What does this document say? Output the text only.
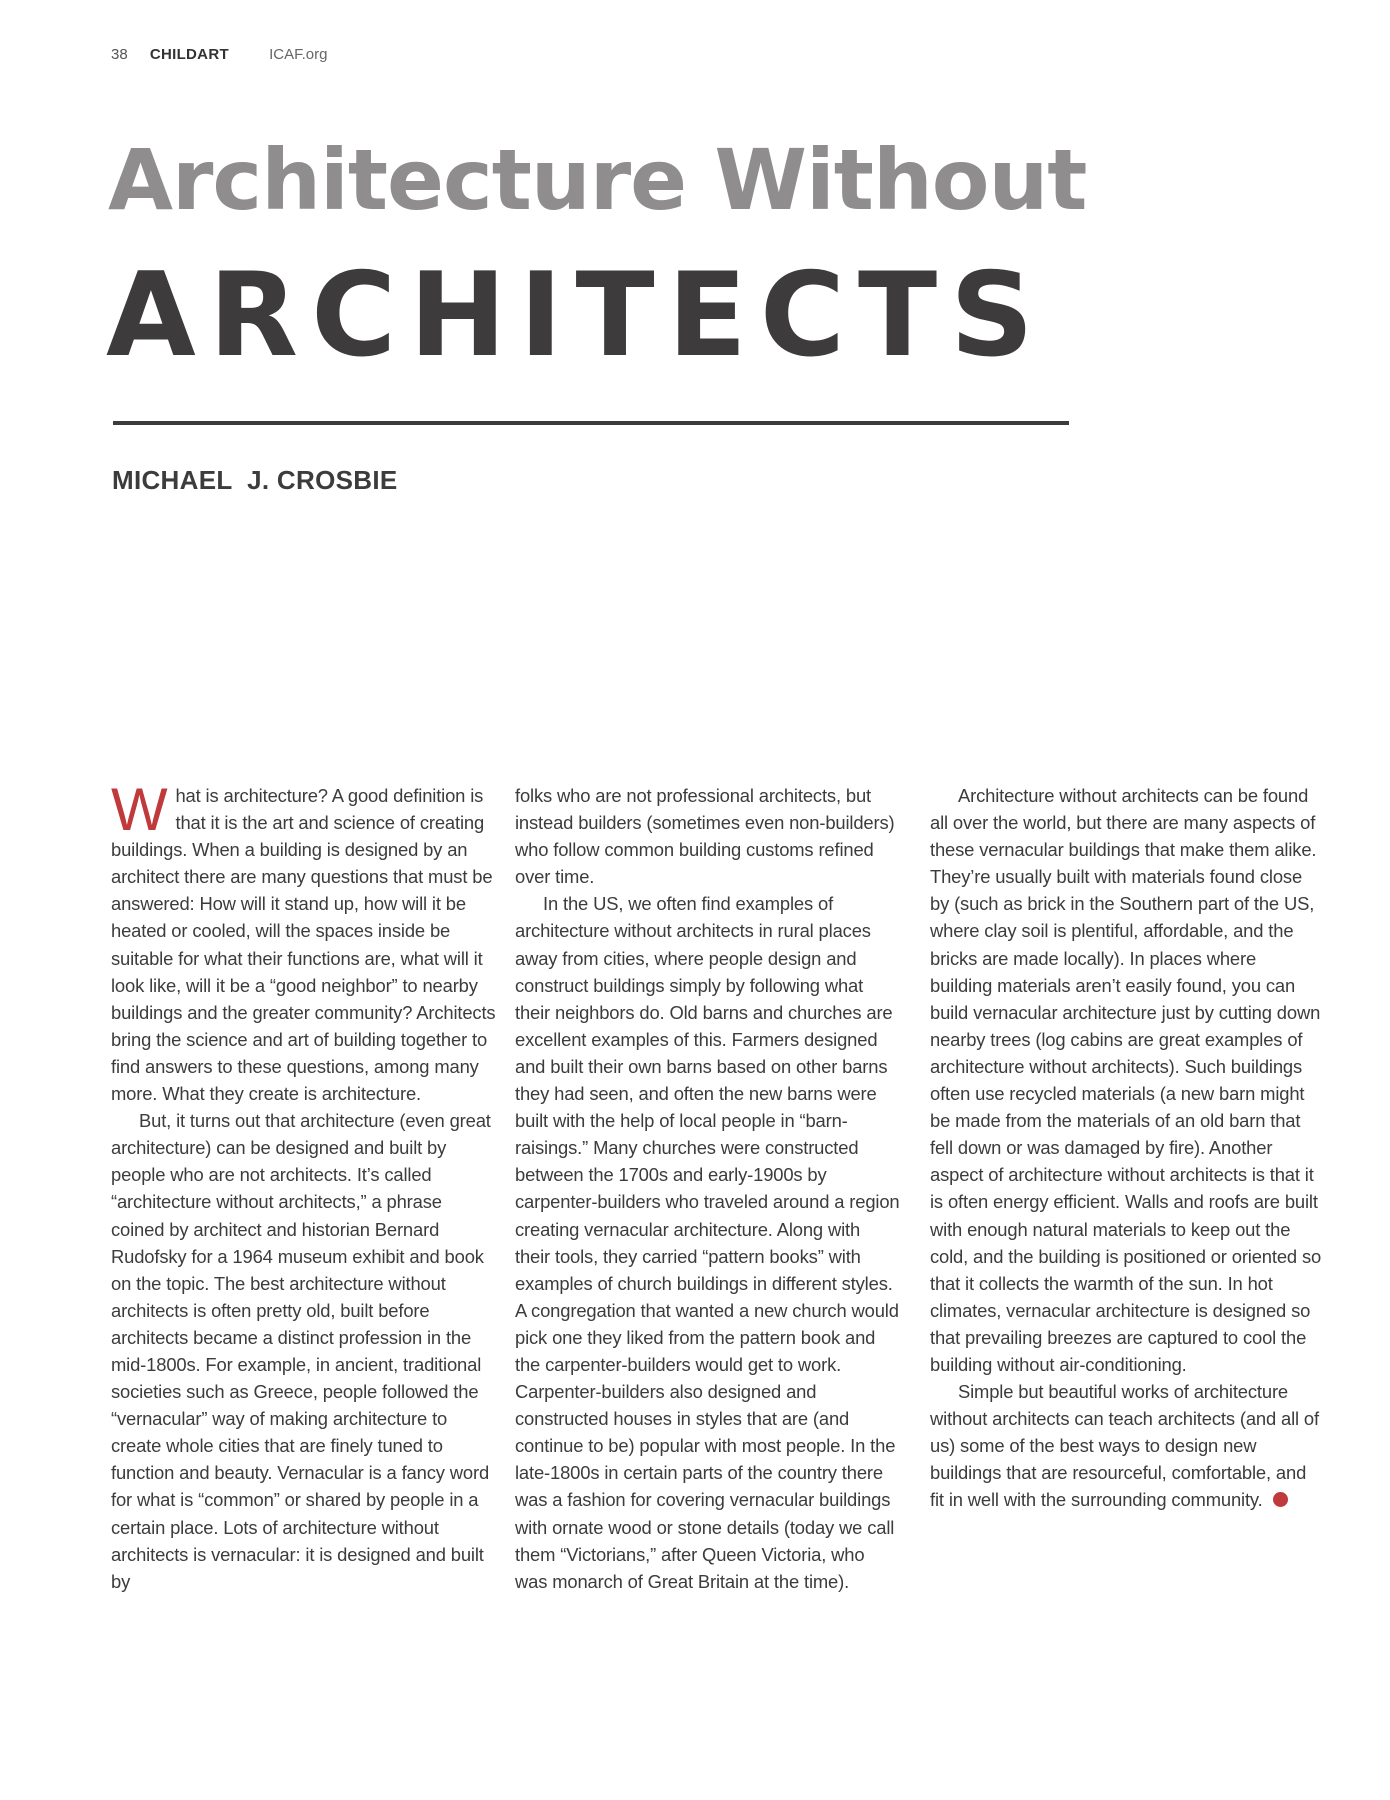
38 CHILDART	ICAF.org
Architecture Without
ARCHITECTS
MICHAEL  J. CROSBIE

What is architecture? A good definition is that it is the art and science of creating buildings. When a building is designed by an architect there are many questions that must be answered: How will it stand up, how will it be heated or cooled, will the spaces inside be suitable for what their functions are, what will it look like, will it be a “good neighbor” to nearby buildings and the greater community? Architects bring the science and art of building together to find answers to these questions, among many more. What they create is architecture.

But, it turns out that architecture (even great architecture) can be designed and built by people who are not architects. It’s called “architecture without architects,” a phrase coined by architect and historian Bernard Rudofsky for a 1964 museum exhibit and book on the topic. The best architecture without architects is often pretty old, built before architects became a distinct profession in the mid-1800s. For example, in ancient, traditional societies such as Greece, people followed the “vernacular” way of making architecture to create whole cities that are finely tuned to function and beauty. Vernacular is a fancy word for what is “common” or shared by people in a certain place. Lots of architecture without architects is vernacular: it is designed and built by

folks who are not professional architects, but instead builders (sometimes even non-builders) who follow common building customs refined over time.

In the US, we often find examples of architecture without architects in rural places away from cities, where people design and construct buildings simply by following what their neighbors do. Old barns and churches are excellent examples of this. Farmers designed and built their own barns based on other barns they had seen, and often the new barns were built with the help of local people in “barn-raisings.” Many churches were constructed between the 1700s and early-1900s by carpenter-builders who traveled around a region creating vernacular architecture. Along with their tools, they carried “pattern books” with examples of church buildings in different styles. A congregation that wanted a new church would pick one they liked from the pattern book and the carpenter-builders would get to work. Carpenter-builders also designed and constructed houses in styles that are (and continue to be) popular with most people. In the late-1800s in certain parts of the country there was a fashion for covering vernacular buildings with ornate wood or stone details (today we call them “Victorians,” after Queen Victoria, who was monarch of Great Britain at the time).

Architecture without architects can be found all over the world, but there are many aspects of these vernacular buildings that make them alike. They’re usually built with materials found close by (such as brick in the Southern part of the US, where clay soil is plentiful, affordable, and the bricks are made locally). In places where building materials aren’t easily found, you can build vernacular architecture just by cutting down nearby trees (log cabins are great examples of architecture without architects). Such buildings often use recycled materials (a new barn might be made from the materials of an old barn that fell down or was damaged by fire). Another aspect of architecture without architects is that it is often energy efficient. Walls and roofs are built with enough natural materials to keep out the cold, and the building is positioned or oriented so that it collects the warmth of the sun. In hot climates, vernacular architecture is designed so that prevailing breezes are captured to cool the building without air-conditioning.

Simple but beautiful works of architecture without architects can teach architects (and all of us) some of the best ways to design new buildings that are resourceful, comfortable, and fit in well with the surrounding community.
